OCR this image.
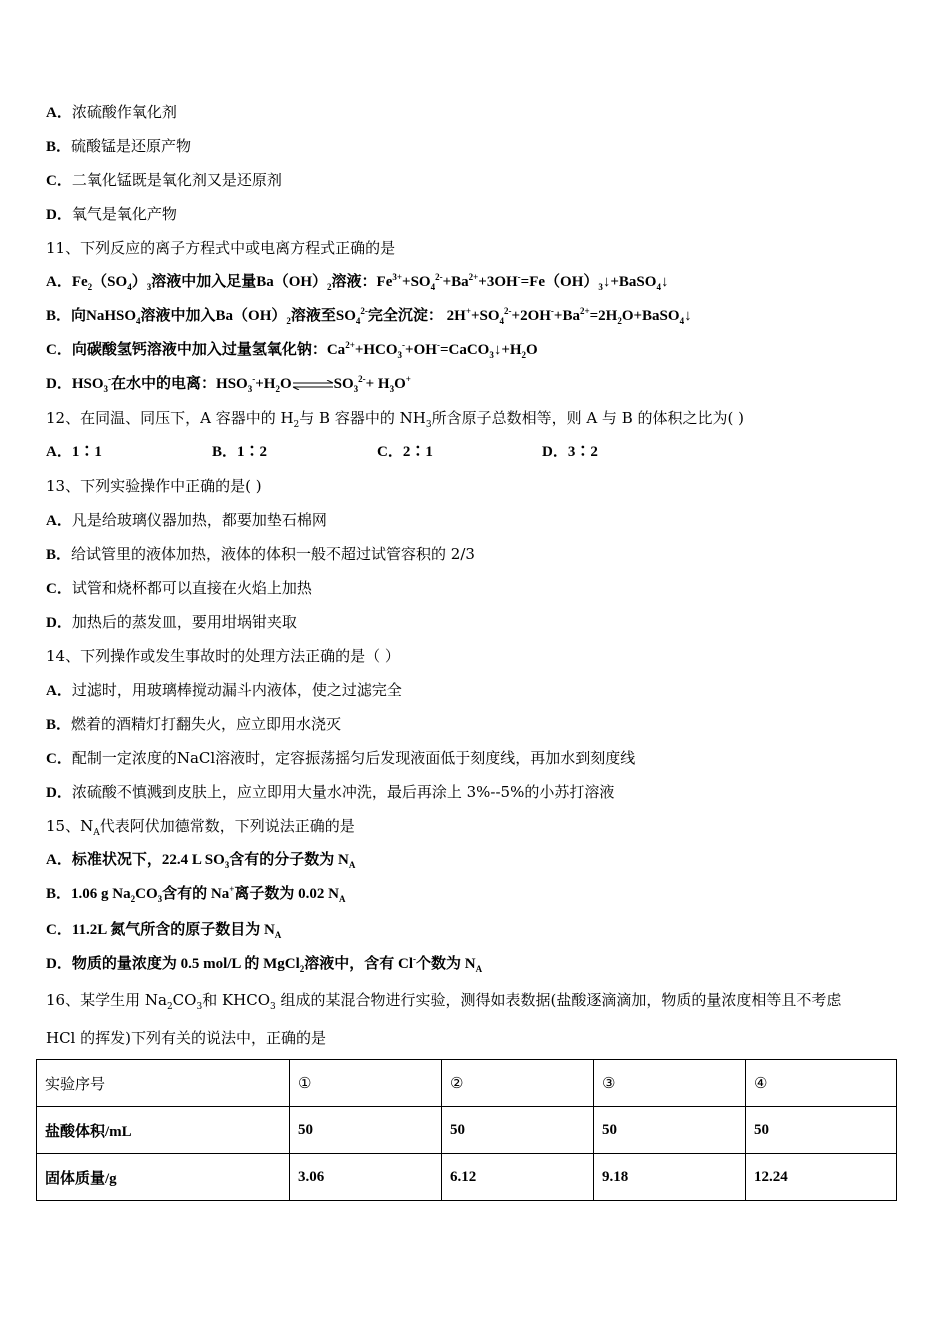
A．浓硫酸作氧化剂
B．硫酸锰是还原产物
C．二氧化锰既是氧化剂又是还原剂
D．氧气是氧化产物
11、下列反应的离子方程式中或电离方程式正确的是
A．$Fe_2(SO_4)_3$溶液中加入足量$Ba(OH)_2$溶液：$Fe^{3+}+SO_4^{2-}+Ba^{2+}+3OH^-=Fe(OH)_3↓+BaSO_4↓$
B．向NaHSO$_4$溶液中加入$Ba(OH)_2$溶液至$SO_4^{2-}$完全沉淀： $2H^++SO_4^{2-}+2OH^-+Ba^{2+}=2H_2O+BaSO_4↓$
C．向碳酸氢钙溶液中加入过量氢氧化钠：$Ca^{2+}+HCO_3^-+OH^-=CaCO_3↓+H_2O$
D．$HSO_3^-$在水中的电离：$HSO_3^-+H_2O\rightleftharpoons SO_3^{2-}+ H_3O^+$
12、在同温、同压下，A 容器中的 $H_2$与 B 容器中的 $NH_3$所含原子总数相等，则 A 与 B 的体积之比为( )
A．1∶1	B．1∶2	C．2∶1	D．3∶2
13、下列实验操作中正确的是( )
A．凡是给玻璃仪器加热，都要加垫石棉网
B．给试管里的液体加热，液体的体积一般不超过试管容积的 2/3
C．试管和烧杯都可以直接在火焰上加热
D．加热后的蒸发皿，要用坩埚钳夹取
14、下列操作或发生事故时的处理方法正确的是（ ）
A．过滤时，用玻璃棒搅动漏斗内液体，使之过滤完全
B．燃着的酒精灯打翻失火，应立即用水浇灭
C．配制一定浓度的NaCl溶液时，定容振荡摇匀后发现液面低于刻度线，再加水到刻度线
D．浓硫酸不慎溅到皮肤上，应立即用大量水冲洗，最后再涂上 3%--5%的小苏打溶液
15、$N_A$代表阿伏加德常数，下列说法正确的是
A．标准状况下，22.4 L $SO_3$含有的分子数为 $N_A$
B．1.06 g $Na_2CO_3$含有的 Na+离子数为 0.02 $N_A$
C．11.2L 氮气所含的原子数目为 $N_A$
D．物质的量浓度为 0.5 mol/L 的 MgCl$_2$溶液中，含有 Cl-个数为 $N_A$
16、某学生用 $Na_2CO_3$和 $KHCO_3$ 组成的某混合物进行实验，测得如表数据(盐酸逐滴滴加，物质的量浓度相等且不考虑
HCl 的挥发)下列有关的说法中，正确的是
实验序号	①	②	③	④
盐酸体积/mL	50	50	50	50
固体质量/g	3.06	6.12	9.18	12.24
